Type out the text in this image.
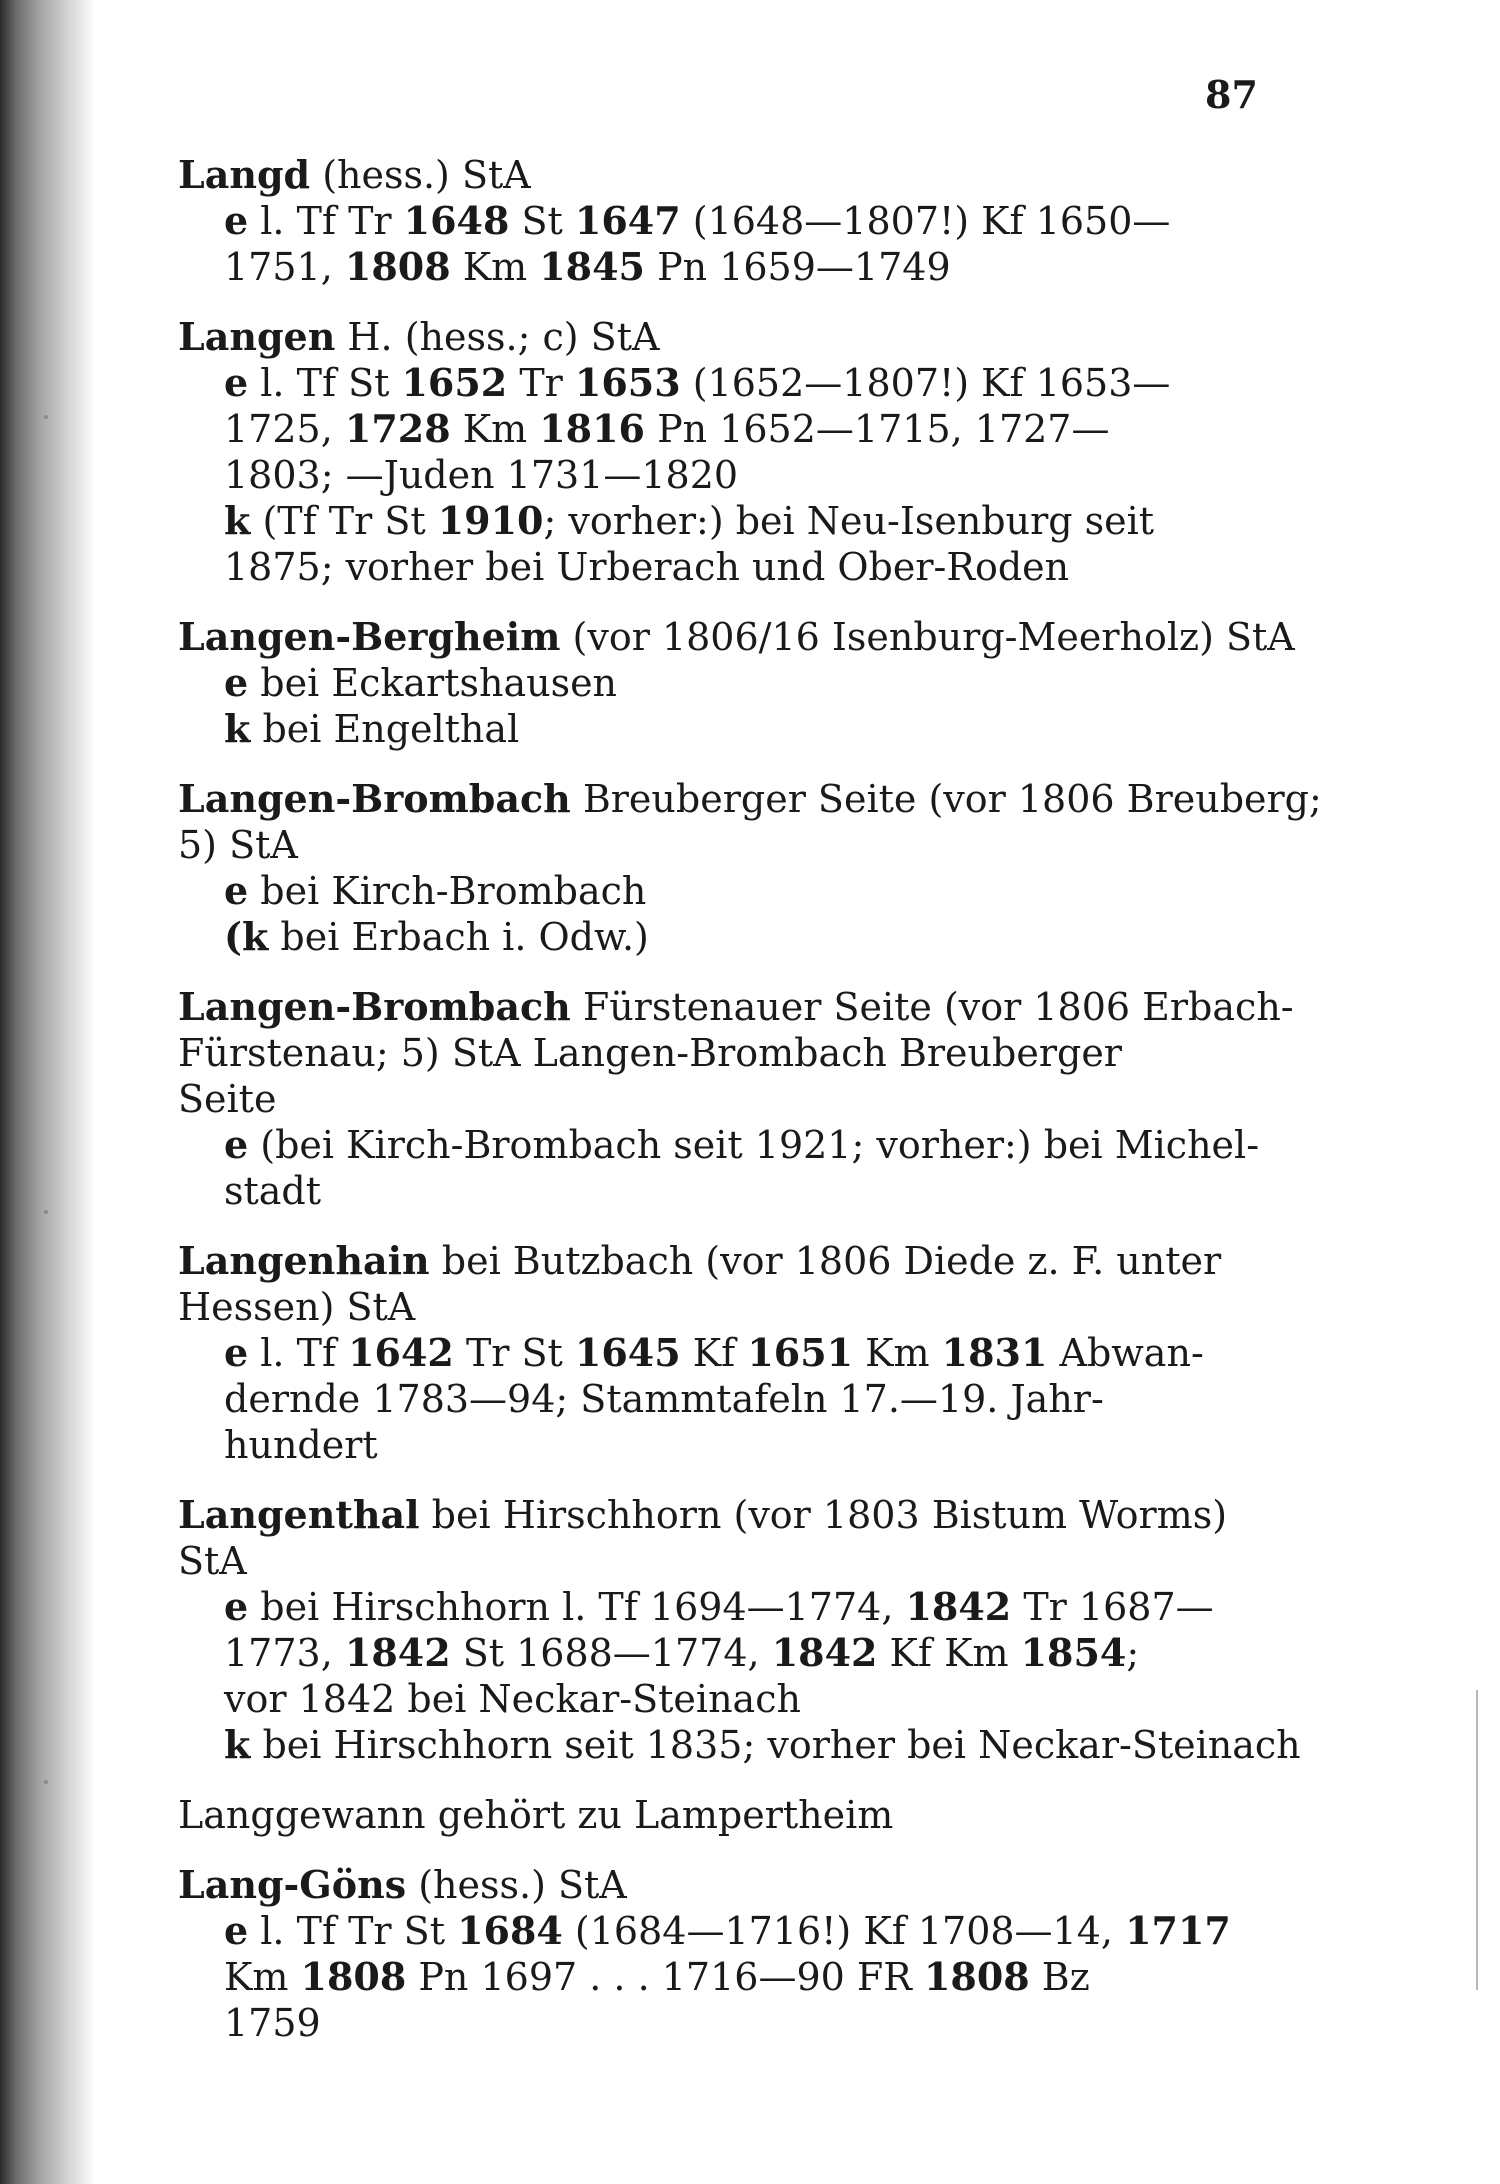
87
Langd (hess.) StA
e l. Tf Tr 1648 St 1647 (1648—1807!) Kf 1650—
1751, 1808 Km 1845 Pn 1659—1749
Langen H. (hess.; c) StA
e l. Tf St 1652 Tr 1653 (1652—1807!) Kf 1653—
1725, 1728 Km 1816 Pn 1652—1715, 1727—
1803; —Juden 1731—1820
k (Tf Tr St 1910; vorher:) bei Neu-Isenburg seit
1875; vorher bei Urberach und Ober-Roden
Langen-Bergheim (vor 1806/16 Isenburg-Meerholz) StA
e bei Eckartshausen
k bei Engelthal
Langen-Brombach Breuberger Seite (vor 1806 Breuberg;
5) StA
e bei Kirch-Brombach
(k bei Erbach i. Odw.)
Langen-Brombach Fürstenauer Seite (vor 1806 Erbach-
Fürstenau; 5) StA Langen-Brombach Breuberger
Seite
e (bei Kirch-Brombach seit 1921; vorher:) bei Michel-
stadt
Langenhain bei Butzbach (vor 1806 Diede z. F. unter
Hessen) StA
e l. Tf 1642 Tr St 1645 Kf 1651 Km 1831 Abwan-
dernde 1783—94; Stammtafeln 17.—19. Jahr-
hundert
Langenthal bei Hirschhorn (vor 1803 Bistum Worms)
StA
e bei Hirschhorn l. Tf 1694—1774, 1842 Tr 1687—
1773, 1842 St 1688—1774, 1842 Kf Km 1854;
vor 1842 bei Neckar-Steinach
k bei Hirschhorn seit 1835; vorher bei Neckar-Steinach
Langgewann gehört zu Lampertheim
Lang-Göns (hess.) StA
e l. Tf Tr St 1684 (1684—1716!) Kf 1708—14, 1717
Km 1808 Pn 1697 . . . 1716—90 FR 1808 Bz
1759
